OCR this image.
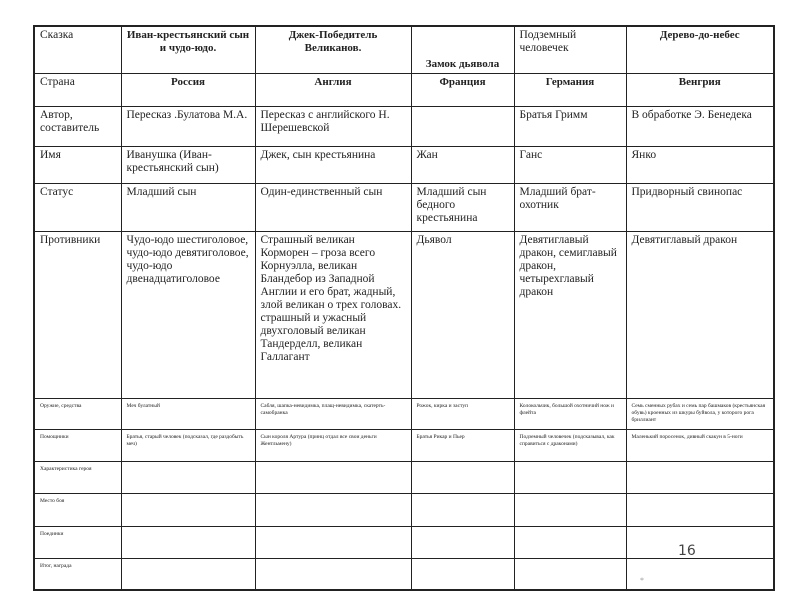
Сказка	Иван-крестьянский сын и чудо-юдо.	Джек-Победитель Великанов.	Замок дьявола	Подземный человечек	Дерево-до-небес
Страна	Россия	Англия	Франция	Германия	Венгрия
Автор, составитель	Пересказ .Булатова М.А.	Пересказ с английского Н. Шерешевской		Братья Гримм	В обработке Э. Бенедека
Имя	Иванушка (Иван-крестьянский сын)	Джек, сын крестьянина	Жан	Ганс	Янко
Статус	Младший сын	Один-единственный сын	Младший сын бедного крестьянина	Младший брат-охотник	Придворный свинопас
Противники	Чудо-юдо шестиголовое, чудо-юдо девятиголовое, чудо-юдо двенадцатиголовое	Страшный великан Корморен – гроза всего Корнуэлла, великан Бландебор из Западной Англии и его брат, жадный, злой великан о трех головах. страшный и ужасный двухголовый великан Тандерделл, великан Галлагант	Дьявол	Девятиглавый дракон, семиглавый дракон, четырехглавый дракон	Девятиглавый дракон
Оружие, средства	Меч булатный	Сабля, шапка-невидимка, плащ-невидимка, скатерть-самобранка	Рожок, кирка и заступ	Колокольчик, большой охотничий нож и флейта	Семь сменных рубах и семь пар башмаков (крестьянская обувь) кроенных из шкуры буйвола, у которого рога бриллиант
Помощники	Братья, старый человек (подсказал, где раздобыть меч)	Сын короля Артура (принц отдал все свои деньги Жентльмену)	Братья Рикар и Пьер	Подземный человечек (подсказывал, как справиться с драконами)	Маленький поросенок, дивный скакун в 5-ноги
Характеристика героя					
Место боя					
Поединки					
Итог, награда					
16
*
